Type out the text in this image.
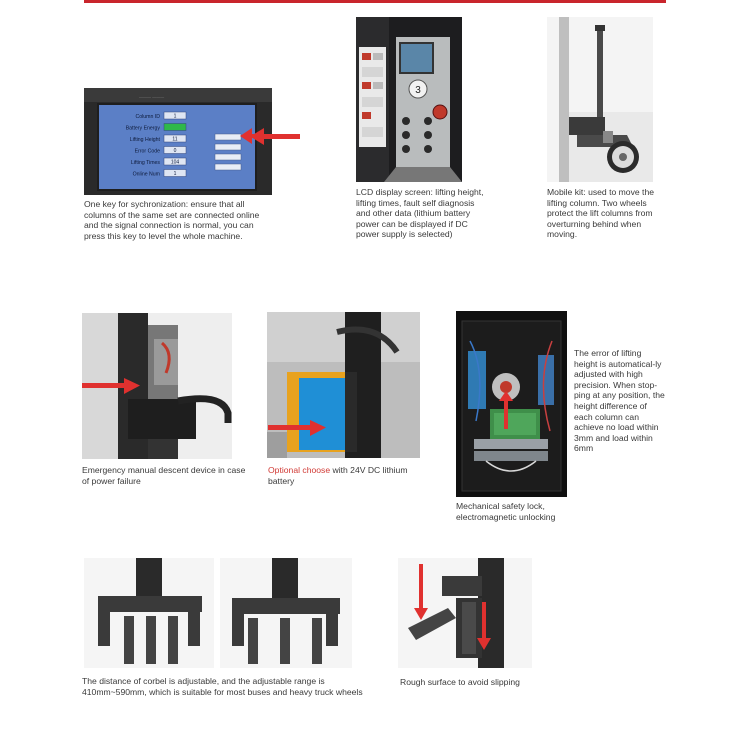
——— ———
Column ID	1
Battery Energy
Lifting Height 11
Error Code	0
Lifting Times 104
Online Num	1

One key for sychronization: ensure that all columns of the same set are connected online and the signal connection is normal, you can press this key to level the whole machine.

3

LCD display screen: lifting height, lifting times, fault self diagnosis and other data (lithium battery power can be displayed if DC power supply is selected)

Mobile kit: used to move the lifting column. Two wheels protect the lift columns from overturning behind when moving.

Emergency manual descent device in case of power failure

Optional choose with 24V DC lithium battery

The error of lifting height is automatical-ly adjusted with high precision. When stop-ping at any position, the height difference of each column can achieve no load within 3mm and load within 6mm

Mechanical safety lock, electromagnetic unlocking

The distance of corbel is adjustable, and the adjustable range is 410mm~590mm, which is suitable for most buses and heavy truck wheels

Rough surface to avoid slipping
